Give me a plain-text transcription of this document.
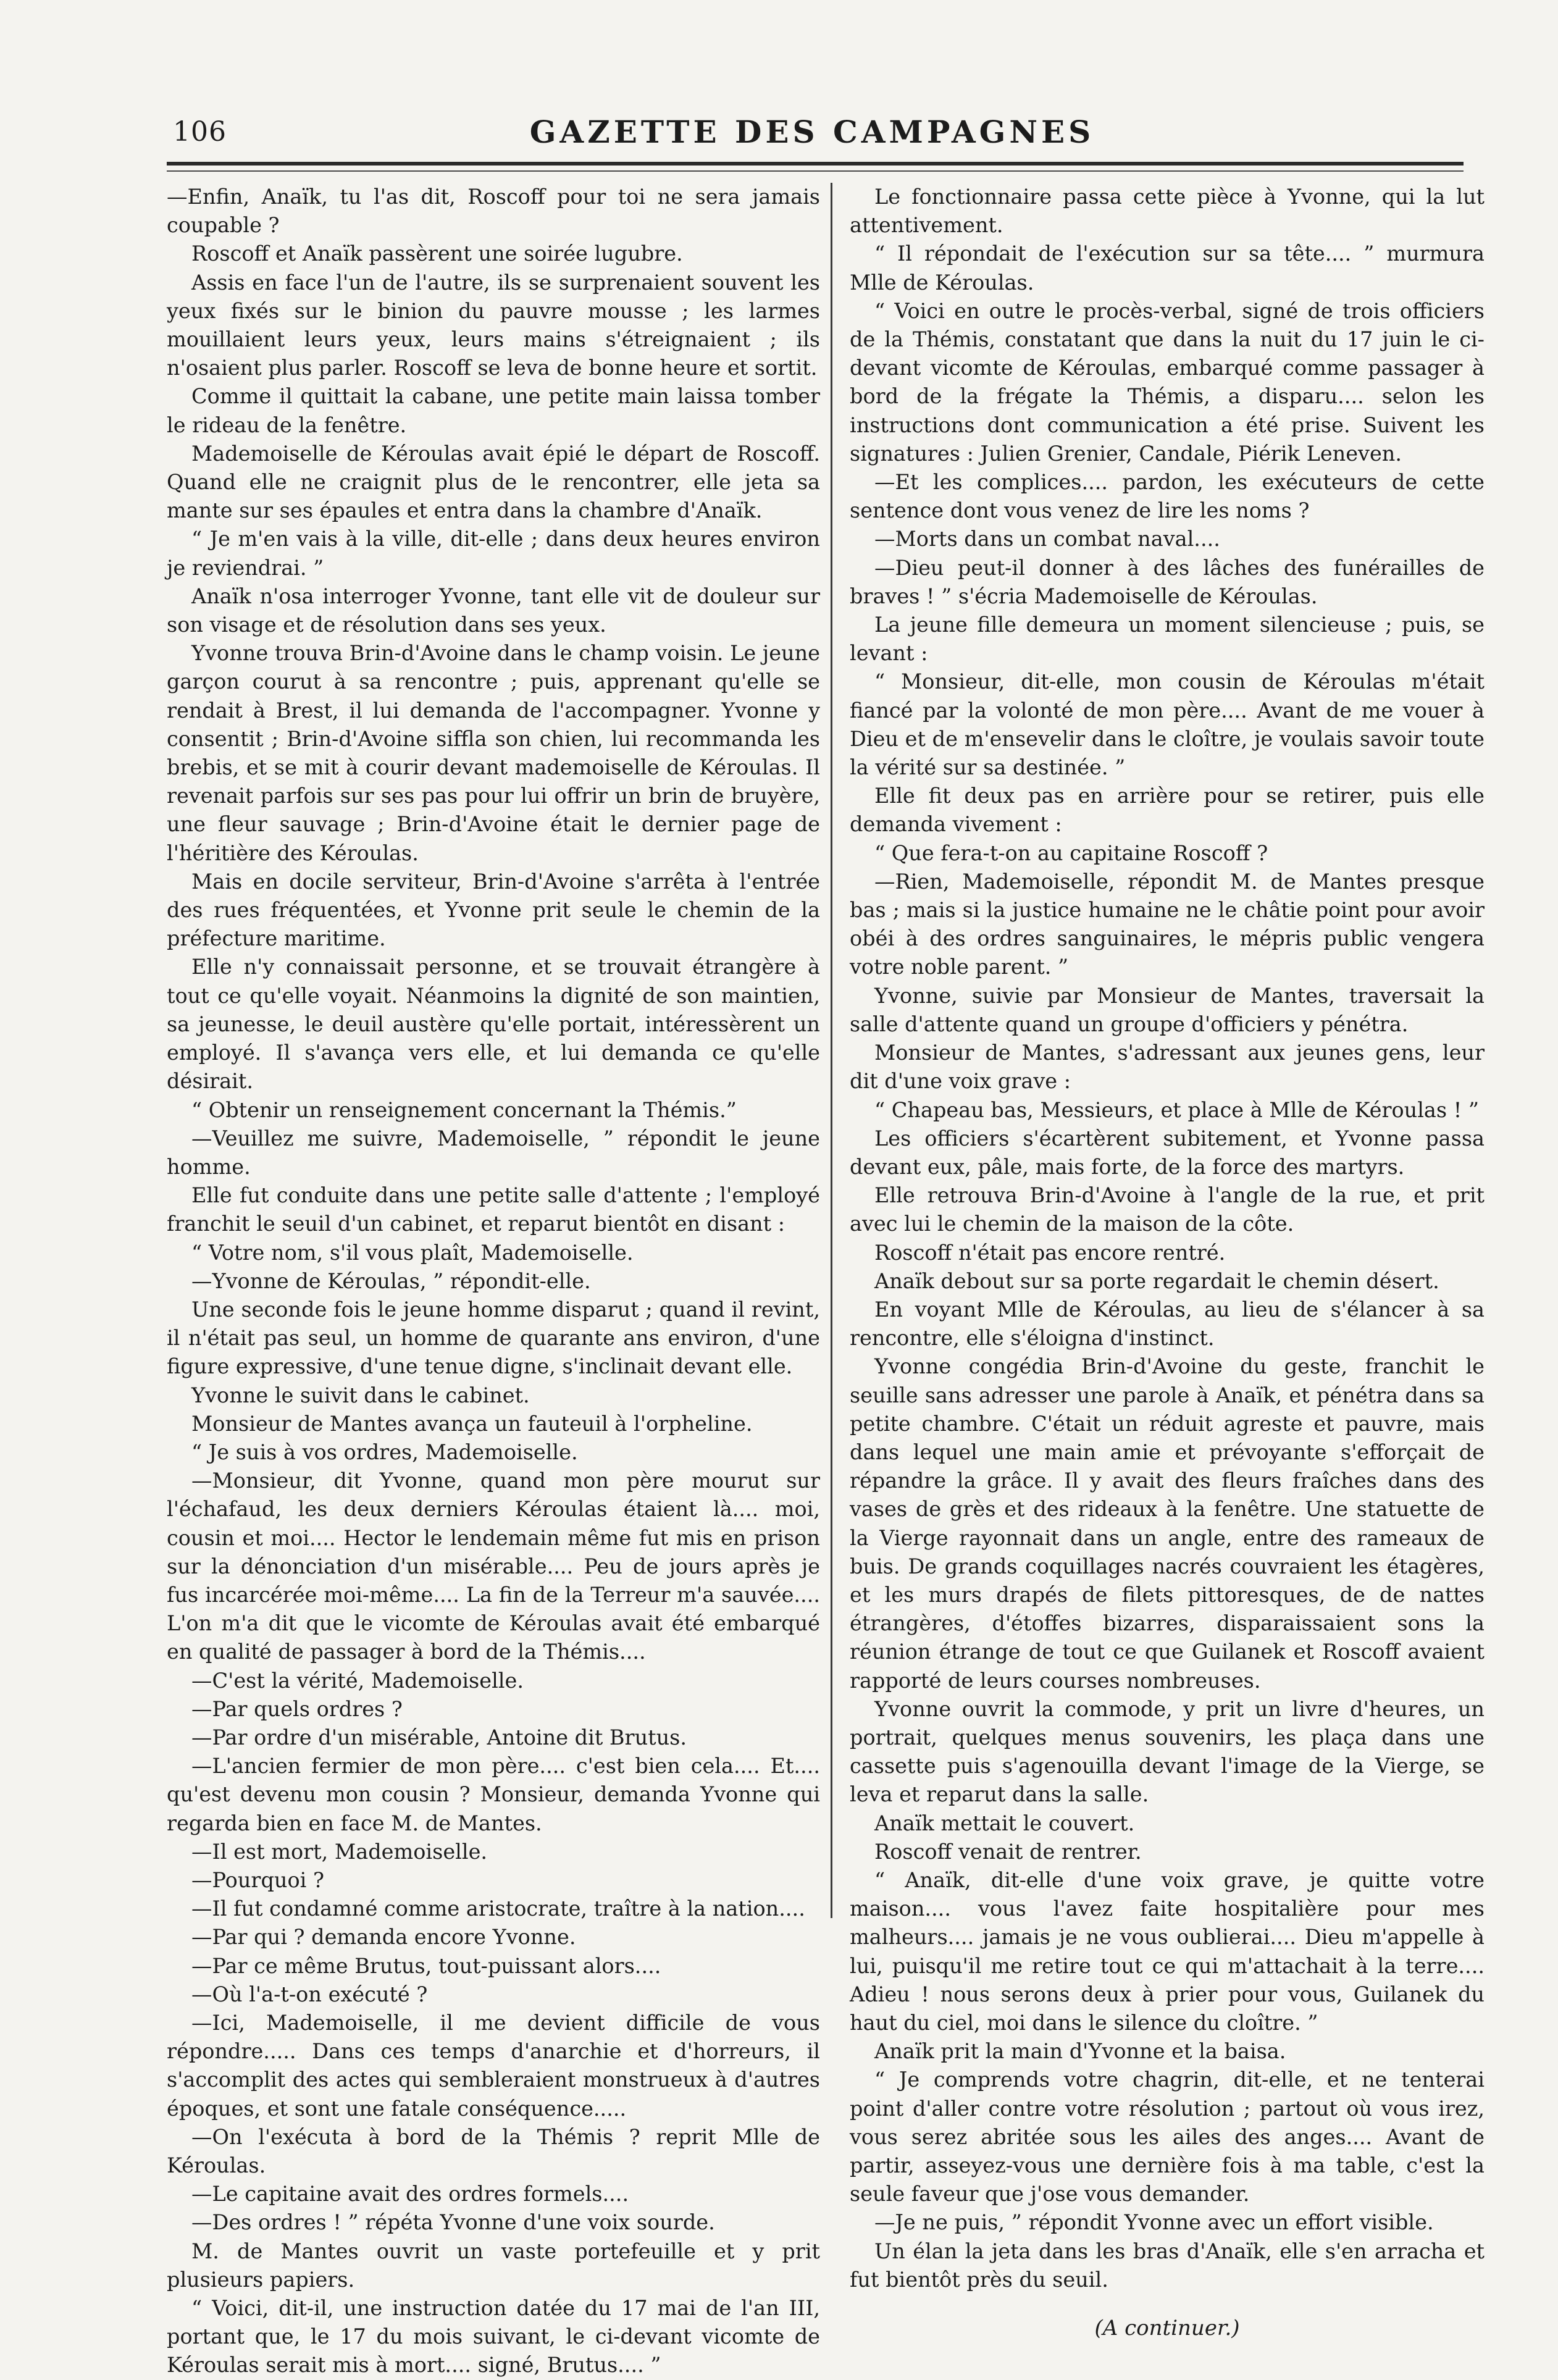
106	GAZETTE DES CAMPAGNES

—Enfin, Anaïk, tu l'as dit, Roscoff pour toi ne sera jamais coupable ?

Roscoff et Anaïk passèrent une soirée lugubre.

Assis en face l'un de l'autre, ils se surprenaient souvent les yeux fixés sur le binion du pauvre mousse ; les larmes mouillaient leurs yeux, leurs mains s'étreignaient ; ils n'osaient plus parler. Roscoff se leva de bonne heure et sortit.

Comme il quittait la cabane, une petite main laissa tomber le rideau de la fenêtre.

Mademoiselle de Kéroulas avait épié le départ de Roscoff. Quand elle ne craignit plus de le rencontrer, elle jeta sa mante sur ses épaules et entra dans la chambre d'Anaïk.

“ Je m'en vais à la ville, dit-elle ; dans deux heures environ je reviendrai. ”

Anaïk n'osa interroger Yvonne, tant elle vit de douleur sur son visage et de résolution dans ses yeux.

Yvonne trouva Brin-d'Avoine dans le champ voisin. Le jeune garçon courut à sa rencontre ; puis, apprenant qu'elle se rendait à Brest, il lui demanda de l'accompagner. Yvonne y consentit ; Brin-d'Avoine siffla son chien, lui recommanda les brebis, et se mit à courir devant mademoiselle de Kéroulas. Il revenait parfois sur ses pas pour lui offrir un brin de bruyère, une fleur sauvage ; Brin-d'Avoine était le dernier page de l'héritière des Kéroulas.

Mais en docile serviteur, Brin-d'Avoine s'arrêta à l'entrée des rues fréquentées, et Yvonne prit seule le chemin de la préfecture maritime.

Elle n'y connaissait personne, et se trouvait étrangère à tout ce qu'elle voyait. Néanmoins la dignité de son maintien, sa jeunesse, le deuil austère qu'elle portait, intéressèrent un employé. Il s'avança vers elle, et lui demanda ce qu'elle désirait.

“ Obtenir un renseignement concernant la Thémis.”

—Veuillez me suivre, Mademoiselle, ” répondit le jeune homme.

Elle fut conduite dans une petite salle d'attente ; l'employé franchit le seuil d'un cabinet, et reparut bientôt en disant :

“ Votre nom, s'il vous plaît, Mademoiselle.

—Yvonne de Kéroulas, ” répondit-elle.

Une seconde fois le jeune homme disparut ; quand il revint, il n'était pas seul, un homme de quarante ans environ, d'une figure expressive, d'une tenue digne, s'inclinait devant elle.

Yvonne le suivit dans le cabinet.

Monsieur de Mantes avança un fauteuil à l'orpheline.

“ Je suis à vos ordres, Mademoiselle.

—Monsieur, dit Yvonne, quand mon père mourut sur l'échafaud, les deux derniers Kéroulas étaient là.... moi, cousin et moi.... Hector le lendemain même fut mis en prison sur la dénonciation d'un misérable.... Peu de jours après je fus incarcérée moi-même.... La fin de la Terreur m'a sauvée.... L'on m'a dit que le vicomte de Kéroulas avait été embarqué en qualité de passager à bord de la Thémis....

—C'est la vérité, Mademoiselle.

—Par quels ordres ?

—Par ordre d'un misérable, Antoine dit Brutus.

—L'ancien fermier de mon père.... c'est bien cela.... Et.... qu'est devenu mon cousin ? Monsieur, demanda Yvonne qui regarda bien en face M. de Mantes.

—Il est mort, Mademoiselle.

—Pourquoi ?

—Il fut condamné comme aristocrate, traître à la nation....

—Par qui ? demanda encore Yvonne.

—Par ce même Brutus, tout-puissant alors....

—Où l'a-t-on exécuté ?

—Ici, Mademoiselle, il me devient difficile de vous répondre..... Dans ces temps d'anarchie et d'horreurs, il s'accomplit des actes qui sembleraient monstrueux à d'autres époques, et sont une fatale conséquence.....

—On l'exécuta à bord de la Thémis ? reprit Mlle de Kéroulas.

—Le capitaine avait des ordres formels....

—Des ordres ! ” répéta Yvonne d'une voix sourde.

M. de Mantes ouvrit un vaste portefeuille et y prit plusieurs papiers.

“ Voici, dit-il, une instruction datée du 17 mai de l'an III, portant que, le 17 du mois suivant, le ci-devant vicomte de Kéroulas serait mis à mort.... signé, Brutus.... ”

Le fonctionnaire passa cette pièce à Yvonne, qui la lut attentivement.

“ Il répondait de l'exécution sur sa tête.... ” murmura Mlle de Kéroulas.

“ Voici en outre le procès-verbal, signé de trois officiers de la Thémis, constatant que dans la nuit du 17 juin le ci-devant vicomte de Kéroulas, embarqué comme passager à bord de la frégate la Thémis, a disparu.... selon les instructions dont communication a été prise. Suivent les signatures : Julien Grenier, Candale, Piérik Leneven.

—Et les complices.... pardon, les exécuteurs de cette sentence dont vous venez de lire les noms ?

—Morts dans un combat naval....

—Dieu peut-il donner à des lâches des funérailles de braves ! ” s'écria Mademoiselle de Kéroulas.

La jeune fille demeura un moment silencieuse ; puis, se levant :

“ Monsieur, dit-elle, mon cousin de Kéroulas m'était fiancé par la volonté de mon père.... Avant de me vouer à Dieu et de m'ensevelir dans le cloître, je voulais savoir toute la vérité sur sa destinée. ”

Elle fit deux pas en arrière pour se retirer, puis elle demanda vivement :

“ Que fera-t-on au capitaine Roscoff ?

—Rien, Mademoiselle, répondit M. de Mantes presque bas ; mais si la justice humaine ne le châtie point pour avoir obéi à des ordres sanguinaires, le mépris public vengera votre noble parent. ”

Yvonne, suivie par Monsieur de Mantes, traversait la salle d'attente quand un groupe d'officiers y pénétra.

Monsieur de Mantes, s'adressant aux jeunes gens, leur dit d'une voix grave :

“ Chapeau bas, Messieurs, et place à Mlle de Kéroulas ! ”

Les officiers s'écartèrent subitement, et Yvonne passa devant eux, pâle, mais forte, de la force des martyrs.

Elle retrouva Brin-d'Avoine à l'angle de la rue, et prit avec lui le chemin de la maison de la côte.

Roscoff n'était pas encore rentré.

Anaïk debout sur sa porte regardait le chemin désert.

En voyant Mlle de Kéroulas, au lieu de s'élancer à sa rencontre, elle s'éloigna d'instinct.

Yvonne congédia Brin-d'Avoine du geste, franchit le seuille sans adresser une parole à Anaïk, et pénétra dans sa petite chambre. C'était un réduit agreste et pauvre, mais dans lequel une main amie et prévoyante s'efforçait de répandre la grâce. Il y avait des fleurs fraîches dans des vases de grès et des rideaux à la fenêtre. Une statuette de la Vierge rayonnait dans un angle, entre des rameaux de buis. De grands coquillages nacrés couvraient les étagères, et les murs drapés de filets pittoresques, de de nattes étrangères, d'étoffes bizarres, disparaissaient sons la réunion étrange de tout ce que Guilanek et Roscoff avaient rapporté de leurs courses nombreuses.

Yvonne ouvrit la commode, y prit un livre d'heures, un portrait, quelques menus souvenirs, les plaça dans une cassette puis s'agenouilla devant l'image de la Vierge, se leva et reparut dans la salle.

Anaïk mettait le couvert.

Roscoff venait de rentrer.

“ Anaïk, dit-elle d'une voix grave, je quitte votre maison.... vous l'avez faite hospitalière pour mes malheurs.... jamais je ne vous oublierai.... Dieu m'appelle à lui, puisqu'il me retire tout ce qui m'attachait à la terre.... Adieu ! nous serons deux à prier pour vous, Guilanek du haut du ciel, moi dans le silence du cloître. ”

Anaïk prit la main d'Yvonne et la baisa.

“ Je comprends votre chagrin, dit-elle, et ne tenterai point d'aller contre votre résolution ; partout où vous irez, vous serez abritée sous les ailes des anges.... Avant de partir, asseyez-vous une dernière fois à ma table, c'est la seule faveur que j'ose vous demander.

—Je ne puis, ” répondit Yvonne avec un effort visible.

Un élan la jeta dans les bras d'Anaïk, elle s'en arracha et fut bientôt près du seuil.

(A continuer.)
